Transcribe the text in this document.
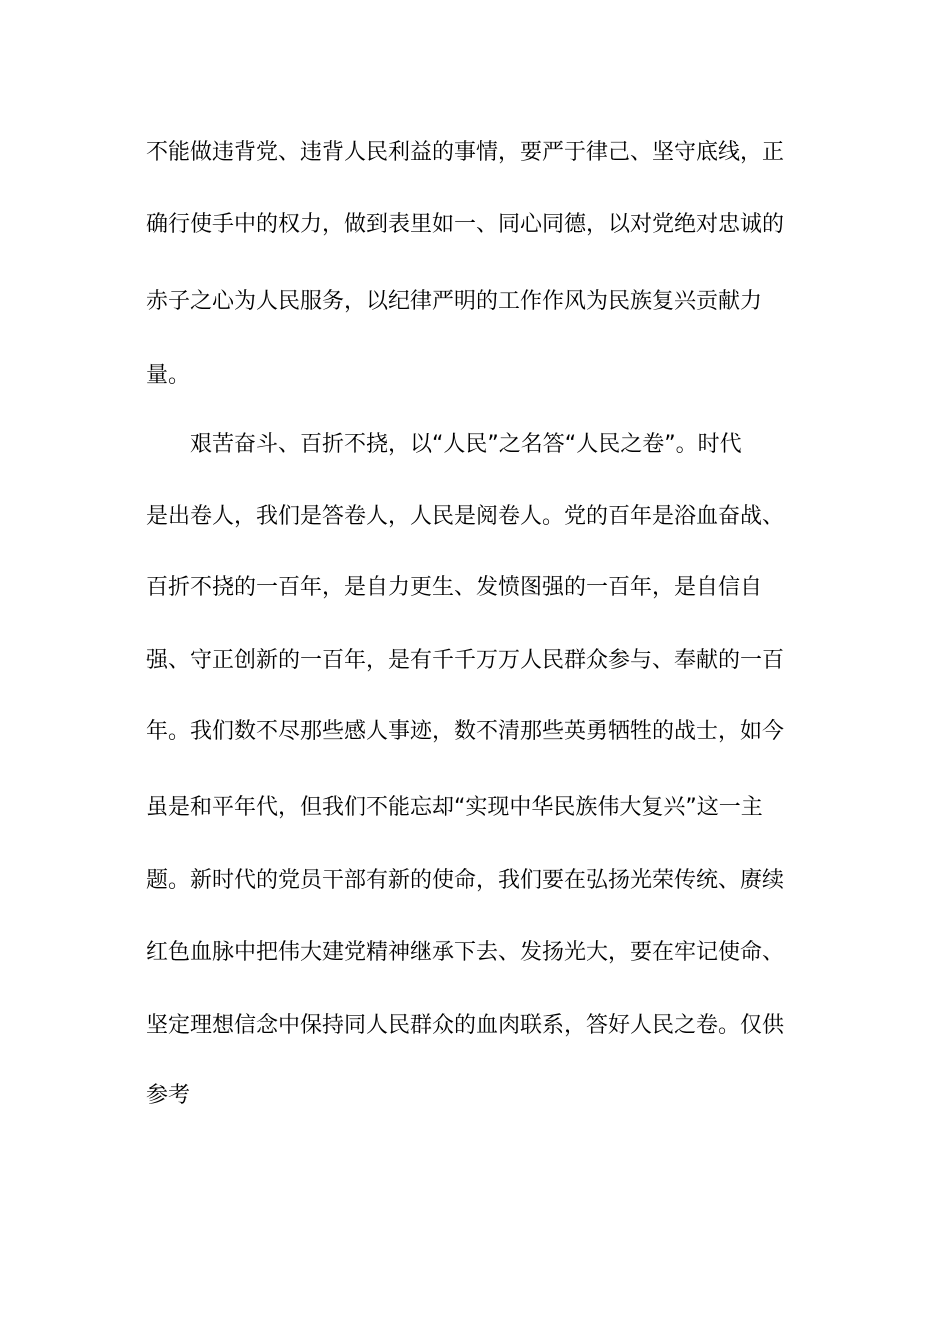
不能做违背党、违背人民利益的事情，要严于律己、坚守底线，正

确行使手中的权力，做到表里如一、同心同德，以对党绝对忠诚的

赤子之心为人民服务，以纪律严明的工作作风为民族复兴贡献力

量。

艰苦奋斗、百折不挠，以“人民”之名答“人民之卷”。时代

是出卷人，我们是答卷人，人民是阅卷人。党的百年是浴血奋战、

百折不挠的一百年，是自力更生、发愤图强的一百年，是自信自

强、守正创新的一百年，是有千千万万人民群众参与、奉献的一百

年。我们数不尽那些感人事迹，数不清那些英勇牺牲的战士，如今

虽是和平年代，但我们不能忘却“实现中华民族伟大复兴”这一主

题。新时代的党员干部有新的使命，我们要在弘扬光荣传统、赓续

红色血脉中把伟大建党精神继承下去、发扬光大，要在牢记使命、

坚定理想信念中保持同人民群众的血肉联系，答好人民之卷。仅供

参考
